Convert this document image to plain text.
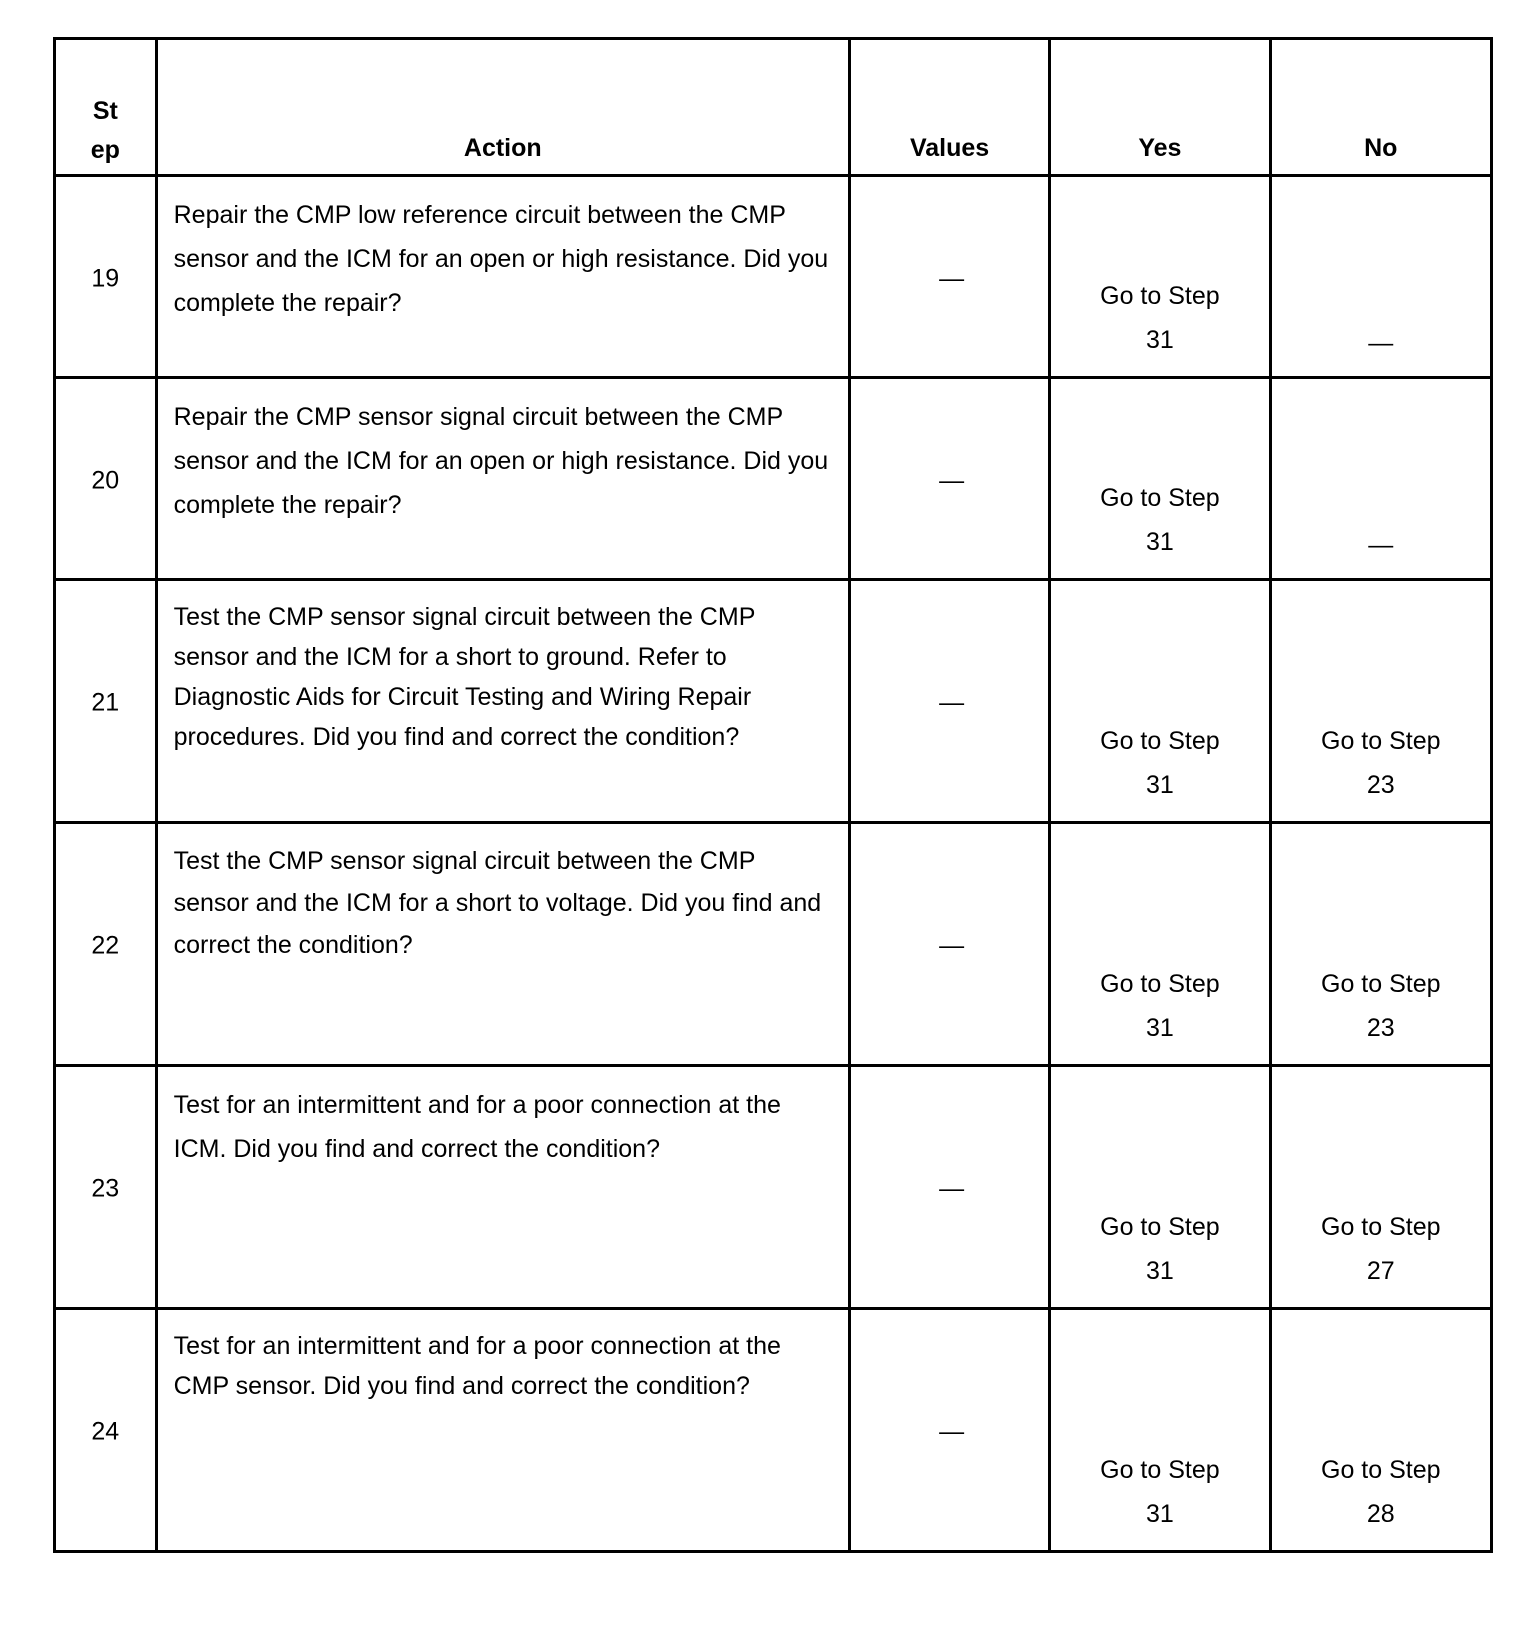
St ep	Action	Values	Yes	No

19	Repair the CMP low reference circuit between the CMP sensor and the ICM for an open or high resistance. Did you complete the repair?	—	Go to Step 31	—

20	Repair the CMP sensor signal circuit between the CMP sensor and the ICM for an open or high resistance. Did you complete the repair?	—	Go to Step 31	—

21	Test the CMP sensor signal circuit between the CMP sensor and the ICM for a short to ground. Refer to Diagnostic Aids for Circuit Testing and Wiring Repair procedures. Did you find and correct the condition?	—	Go to Step 31	Go to Step 23

22	Test the CMP sensor signal circuit between the CMP sensor and the ICM for a short to voltage. Did you find and correct the condition?	—	Go to Step 31	Go to Step 23

23	Test for an intermittent and for a poor connection at the ICM. Did you find and correct the condition?	—	Go to Step 31	Go to Step 27

24	Test for an intermittent and for a poor connection at the CMP sensor. Did you find and correct the condition?	—	Go to Step 31	Go to Step 28
